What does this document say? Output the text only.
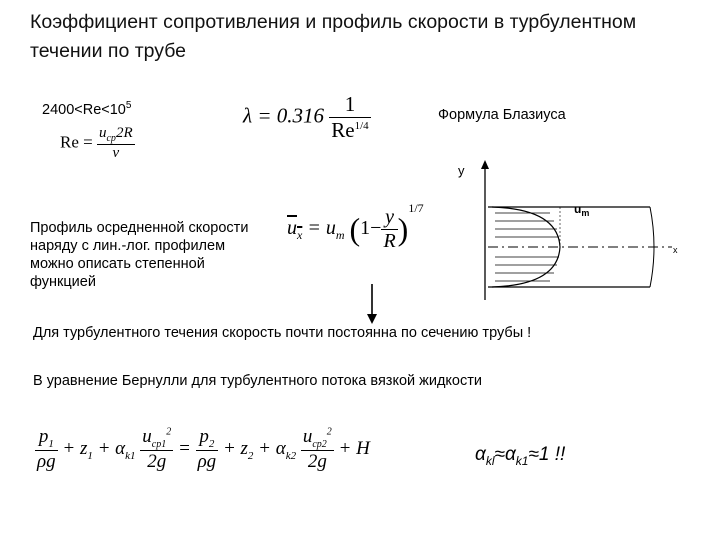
Коэффициент сопротивления и профиль скорости в турбулентном течении по трубе
$2400<Re<10^5$
$Re = \frac{u_{cp}2R}{\nu}$
$\lambda = 0.316 \frac{1}{Re^{1/4}}$	Формула Блазиуса
Профиль осредненной скорости наряду с лин.-лог. профилем можно описать степенной функцией
$u_x = u_m$ $(1- \frac{y}{R} )^{1/7}$
y
$u_m$
x
Для турбулентного течения скорость почти постоянна по сечению трубы !
В уравнение Бернулли для турбулентного потока вязкой жидкости
$\frac{p_1}{\rho g} + z_1 + \alpha_{k1} \frac{u_{cp1}^2}{2g} = \frac{p_2}{\rho g} + z_2 + \alpha_{k2} \frac{u_{cp2}^2}{2g} + H$	$\alpha_{kl}\approx\alpha_{k1}\approx 1$ !!
